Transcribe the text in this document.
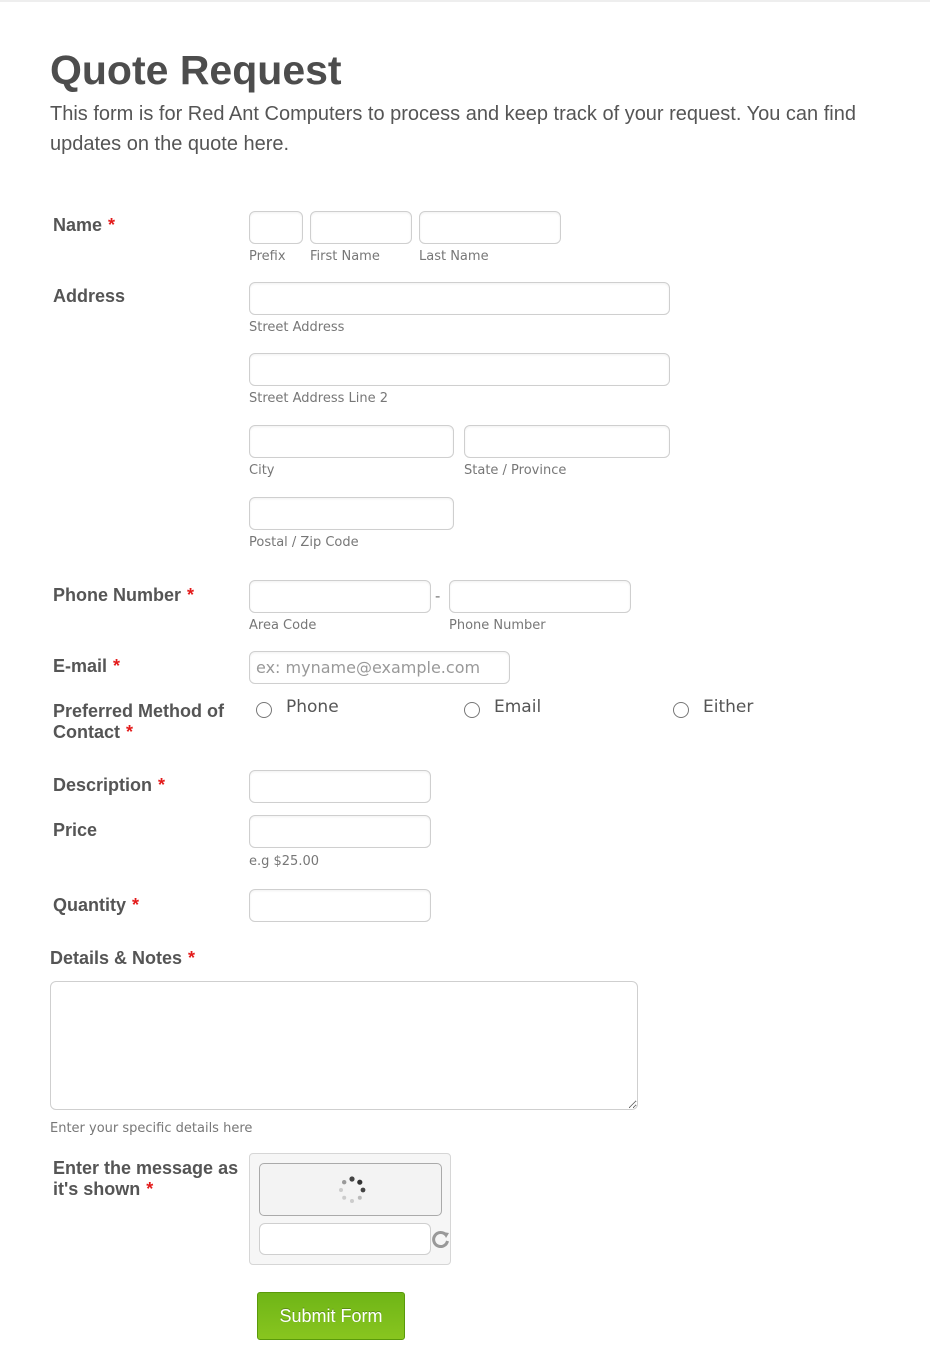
Quote Request
This form is for Red Ant Computers to process and keep track of your request. You can find updates on the quote here.
Name *
Prefix First Name	Last Name
Address
Street Address
Street Address Line 2
City	State / Province
Postal / Zip Code
Phone Number *	-
Area Code	Phone Number
E-mail *	ex: myname@example.com
Preferred Method of Contact *
Phone	Email	Either
Description *
Price
e.g $25.00
Quantity *
Details & Notes *
Enter your specific details here
Enter the message as it's shown *
Submit Form
